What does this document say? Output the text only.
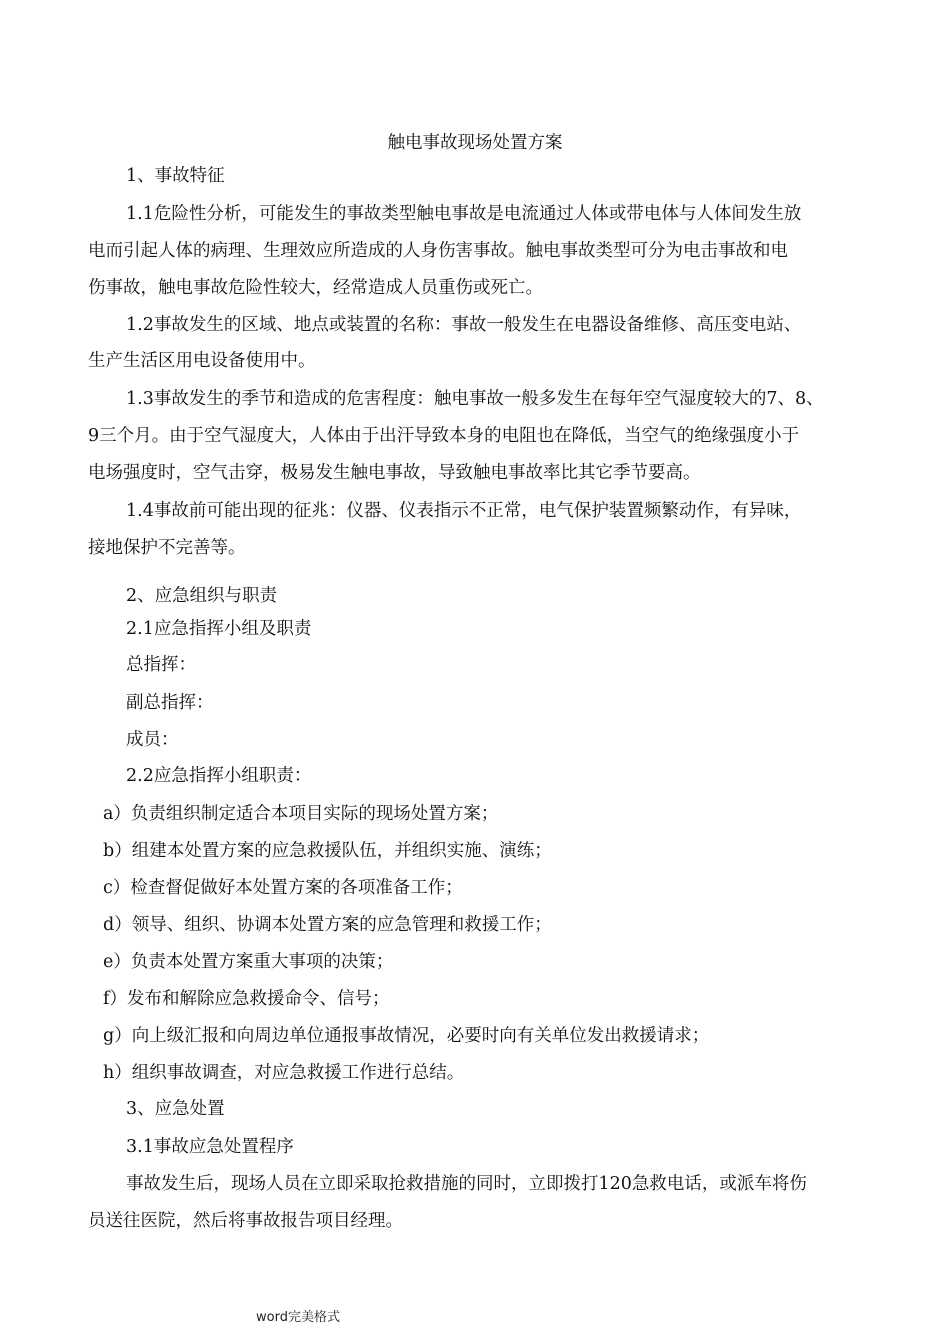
触电事故现场处置方案
1、事故特征
1.1危险性分析，可能发生的事故类型触电事故是电流通过人体或带电体与人体间发生放
电而引起人体的病理、生理效应所造成的人身伤害事故。触电事故类型可分为电击事故和电
伤事故，触电事故危险性较大，经常造成人员重伤或死亡。
1.2事故发生的区域、地点或装置的名称：事故一般发生在电器设备维修、高压变电站、
生产生活区用电设备使用中。
1.3事故发生的季节和造成的危害程度：触电事故一般多发生在每年空气湿度较大的7、8、
9三个月。由于空气湿度大，人体由于出汗导致本身的电阻也在降低，当空气的绝缘强度小于
电场强度时，空气击穿，极易发生触电事故，导致触电事故率比其它季节要高。
1.4事故前可能出现的征兆：仪器、仪表指示不正常，电气保护装置频繁动作，有异味，
接地保护不完善等。
2、应急组织与职责
2.1应急指挥小组及职责
总指挥：
副总指挥：
成员：
2.2应急指挥小组职责：
a）负责组织制定适合本项目实际的现场处置方案；
b）组建本处置方案的应急救援队伍，并组织实施、演练；
c）检查督促做好本处置方案的各项准备工作；
d）领导、组织、协调本处置方案的应急管理和救援工作；
e）负责本处置方案重大事项的决策；
f）发布和解除应急救援命令、信号；
g）向上级汇报和向周边单位通报事故情况，必要时向有关单位发出救援请求；
h）组织事故调查，对应急救援工作进行总结。
3、应急处置
3.1事故应急处置程序
事故发生后，现场人员在立即采取抢救措施的同时，立即拨打120急救电话，或派车将伤
员送往医院，然后将事故报告项目经理。
word完美格式
